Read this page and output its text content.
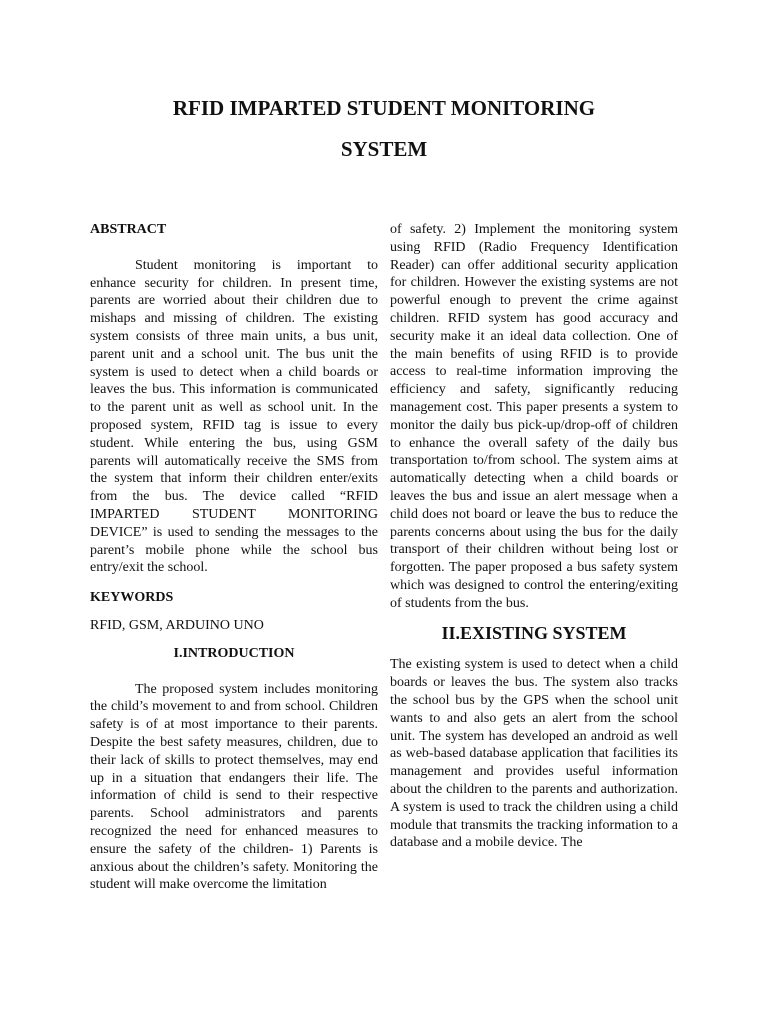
RFID IMPARTED STUDENT MONITORING
SYSTEM

ABSTRACT

Student monitoring is important to enhance security for children. In present time, parents are worried about their children due to mishaps and missing of children. The existing system consists of three main units, a bus unit, parent unit and a school unit. The bus unit the system is used to detect when a child boards or leaves the bus. This information is communicated to the parent unit as well as school unit. In the proposed system, RFID tag is issue to every student. While entering the bus, using GSM parents will automatically receive the SMS from the system that inform their children enter/exits from the bus. The device called “RFID IMPARTED STUDENT MONITORING DEVICE” is used to sending the messages to the parent’s mobile phone while the school bus entry/exit the school.

KEYWORDS

RFID, GSM, ARDUINO UNO

I.INTRODUCTION

The proposed system includes monitoring the child’s movement to and from school. Children safety is of at most importance to their parents. Despite the best safety measures, children, due to their lack of skills to protect themselves, may end up in a situation that endangers their life. The information of child is send to their respective parents. School administrators and parents recognized the need for enhanced measures to ensure the safety of the children- 1) Parents is anxious about the children’s safety. Monitoring the student will make overcome the limitation

of safety. 2) Implement the monitoring system using RFID (Radio Frequency Identification Reader) can offer additional security application for children. However the existing systems are not powerful enough to prevent the crime against children. RFID system has good accuracy and security make it an ideal data collection. One of the main benefits of using RFID is to provide access to real-time information improving the efficiency and safety, significantly reducing management cost. This paper presents a system to monitor the daily bus pick-up/drop-off of children to enhance the overall safety of the daily bus transportation to/from school. The system aims at automatically detecting when a child boards or leaves the bus and issue an alert message when a child does not board or leave the bus to reduce the parents concerns about using the bus for the daily transport of their children without being lost or forgotten. The paper proposed a bus safety system which was designed to control the entering/exiting of students from the bus.

II.EXISTING SYSTEM

The existing system is used to detect when a child boards or leaves the bus. The system also tracks the school bus by the GPS when the school unit wants to and also gets an alert from the school unit. The system has developed an android as well as web-based database application that facilities its management and provides useful information about the children to the parents and authorization. A system is used to track the children using a child module that transmits the tracking information to a database and a mobile device. The
